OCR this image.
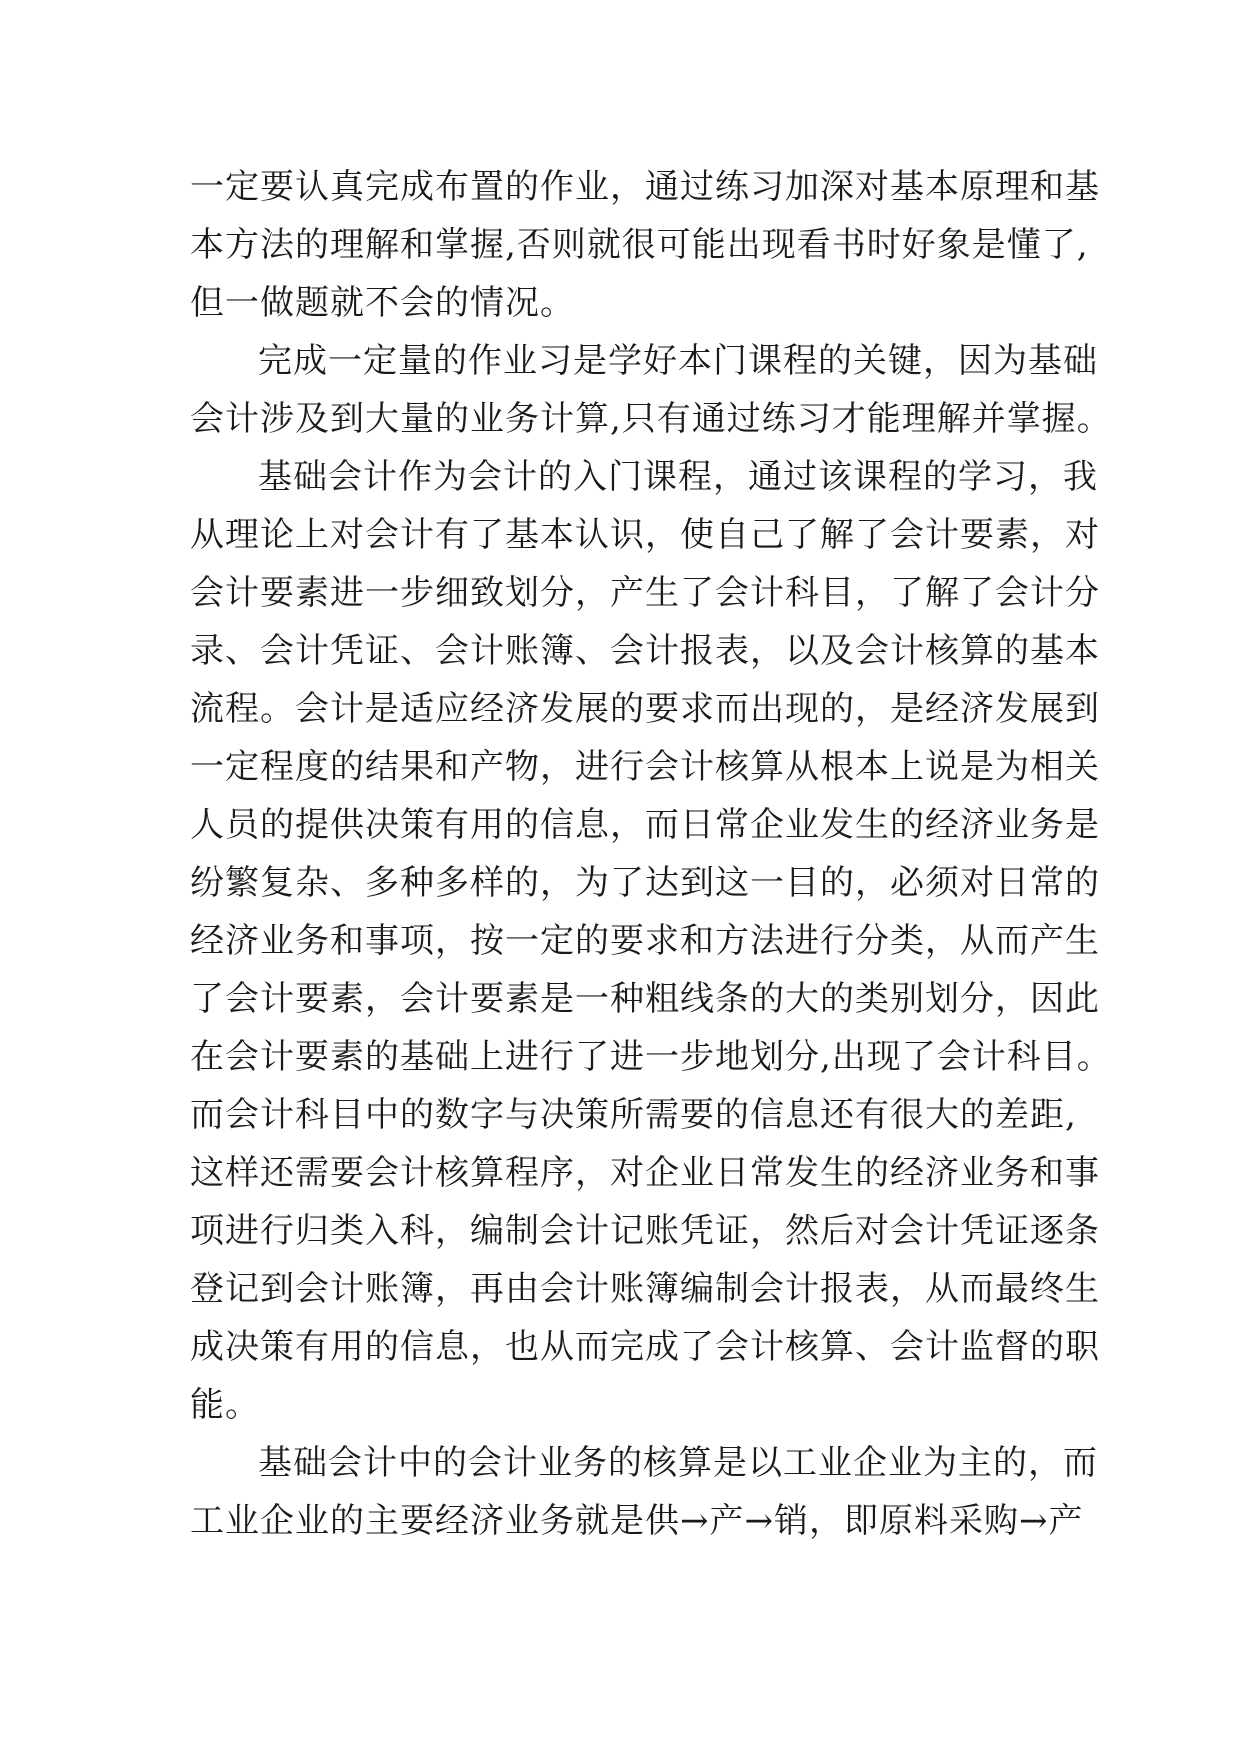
一定要认真完成布置的作业，通过练习加深对基本原理和基
本方法的理解和掌握,否则就很可能出现看书时好象是懂了,
但一做题就不会的情况。
完成一定量的作业习是学好本门课程的关键，因为基础
会计涉及到大量的业务计算,只有通过练习才能理解并掌握。
基础会计作为会计的入门课程，通过该课程的学习，我
从理论上对会计有了基本认识，使自己了解了会计要素，对
会计要素进一步细致划分，产生了会计科目，了解了会计分
录、会计凭证、会计账簿、会计报表，以及会计核算的基本
流程。会计是适应经济发展的要求而出现的，是经济发展到
一定程度的结果和产物，进行会计核算从根本上说是为相关
人员的提供决策有用的信息，而日常企业发生的经济业务是
纷繁复杂、多种多样的，为了达到这一目的，必须对日常的
经济业务和事项，按一定的要求和方法进行分类，从而产生
了会计要素，会计要素是一种粗线条的大的类别划分，因此
在会计要素的基础上进行了进一步地划分,出现了会计科目。
而会计科目中的数字与决策所需要的信息还有很大的差距,
这样还需要会计核算程序，对企业日常发生的经济业务和事
项进行归类入科，编制会计记账凭证，然后对会计凭证逐条
登记到会计账簿，再由会计账簿编制会计报表，从而最终生
成决策有用的信息，也从而完成了会计核算、会计监督的职
能。
基础会计中的会计业务的核算是以工业企业为主的，而
工业企业的主要经济业务就是供→产→销，即原料采购→产
